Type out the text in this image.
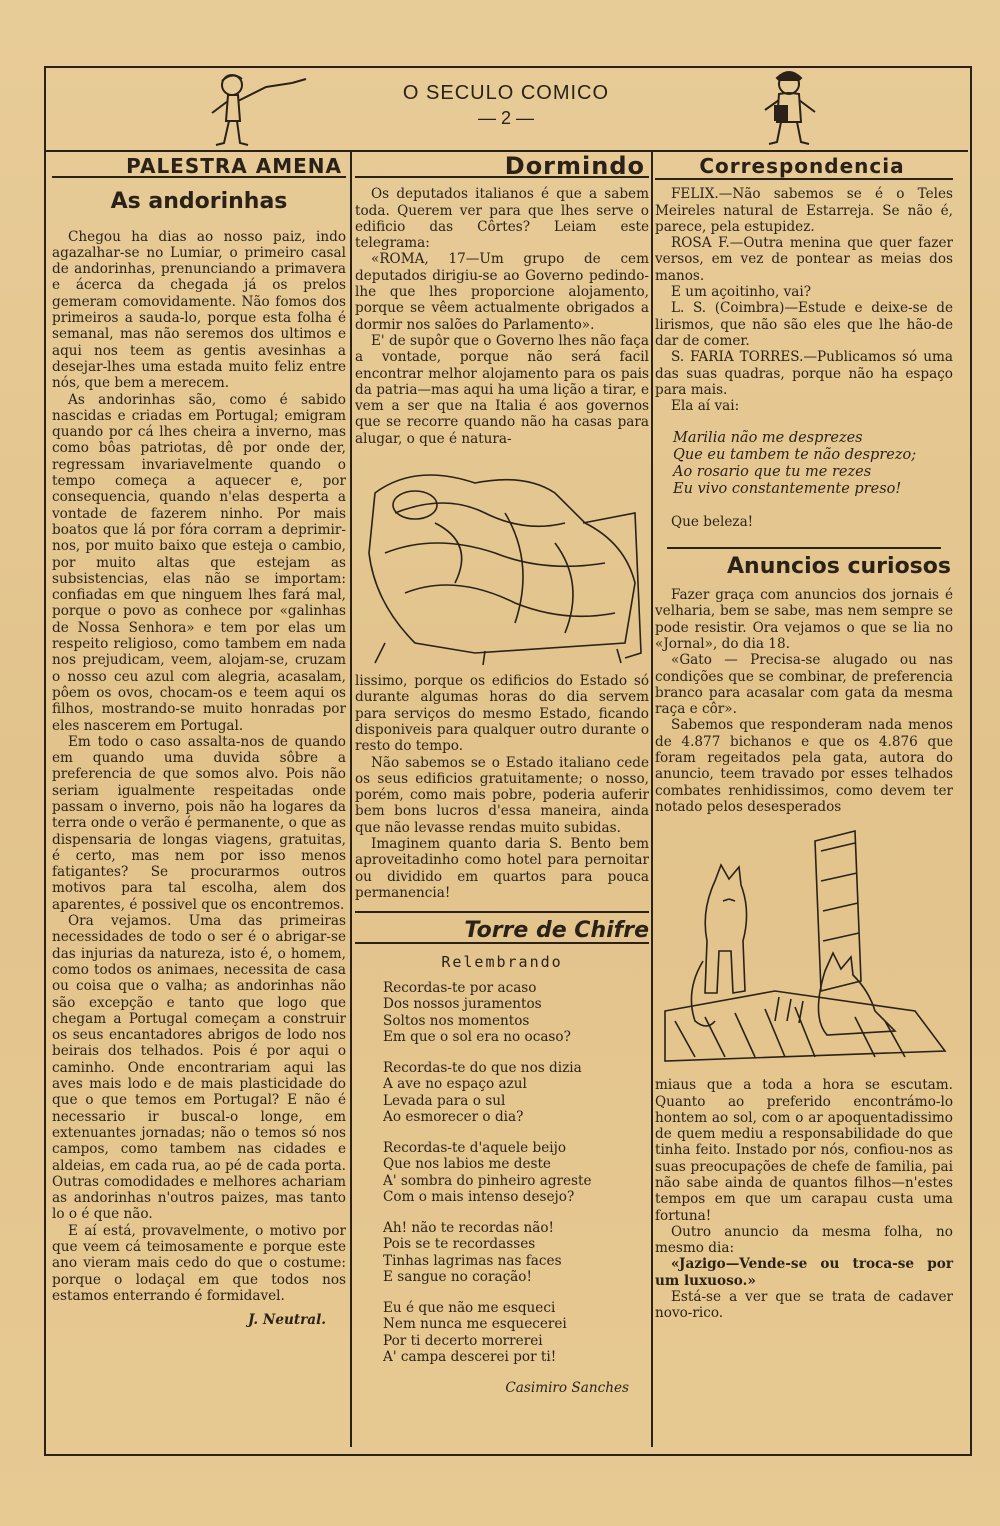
O SECULO COMICO
— 2 —
PALESTRA AMENA
As andorinhas

Chegou ha dias ao nosso paiz, indo agazalhar-se no Lumiar, o primeiro casal de andorinhas, prenunciando a primavera e ácerca da chegada já os prelos gemeram comovidamente. Não fomos dos primeiros a sauda-lo, porque esta folha é semanal, mas não seremos dos ultimos e aqui nos teem as gentis avesinhas a desejar-lhes uma estada muito feliz entre nós, que bem a merecem.

As andorinhas são, como é sabido nascidas e criadas em Portugal; emigram quando por cá lhes cheira a inverno, mas como bôas patriotas, dê por onde der, regressam invariavelmente quando o tempo começa a aquecer e, por consequencia, quando n'elas desperta a vontade de fazerem ninho. Por mais boatos que lá por fóra corram a deprimir-nos, por muito baixo que esteja o cambio, por muito altas que estejam as subsistencias, elas não se importam: confiadas em que ninguem lhes fará mal, porque o povo as conhece por «galinhas de Nossa Senhora» e tem por elas um respeito religioso, como tambem em nada nos prejudicam, veem, alojam-se, cruzam o nosso ceu azul com alegria, acasalam, pôem os ovos, chocam-os e teem aqui os filhos, mostrando-se muito honradas por eles nascerem em Portugal.

Em todo o caso assalta-nos de quando em quando uma duvida sôbre a preferencia de que somos alvo. Pois não seriam igualmente respeitadas onde passam o inverno, pois não ha logares da terra onde o verão é permanente, o que as dispensaria de longas viagens, gratuitas, é certo, mas nem por isso menos fatigantes? Se procurarmos outros motivos para tal escolha, alem dos aparentes, é possivel que os encontremos.

Ora vejamos. Uma das primeiras necessidades de todo o ser é o abrigar-se das injurias da natureza, isto é, o homem, como todos os animaes, necessita de casa ou coisa que o valha; as andorinhas não são excepção e tanto que logo que chegam a Portugal começam a construir os seus encantadores abrigos de lodo nos beirais dos telhados. Pois é por aqui o caminho. Onde encontrariam aqui las aves mais lodo e de mais plasticidade do que o que temos em Portugal? E não é necessario ir buscal-o longe, em extenuantes jornadas; não o temos só nos campos, como tambem nas cidades e aldeias, em cada rua, ao pé de cada porta. Outras comodidades e melhores achariam as andorinhas n'outros paizes, mas tanto lo o é que não.

E aí está, provavelmente, o motivo por que veem cá teimosamente e porque este ano vieram mais cedo do que o costume: porque o lodaçal em que todos nos estamos enterrando é formidavel.

J. Neutral.
Dormindo

Os deputados italianos é que a sabem toda. Querem ver para que lhes serve o edificio das Côrtes? Leiam este telegrama:

«ROMA, 17—Um grupo de cem deputados dirigiu-se ao Governo pedindo-lhe que lhes proporcione alojamento, porque se vêem actualmente obrigados a dormir nos salões do Parlamento».

E' de supôr que o Governo lhes não faça a vontade, porque não será facil encontrar melhor alojamento para os pais da patria—mas aqui ha uma lição a tirar, e vem a ser que na Italia é aos governos que se recorre quando não ha casas para alugar, o que é natura-

lissimo, porque os edificios do Estado só durante algumas horas do dia servem para serviços do mesmo Estado, ficando disponiveis para qualquer outro durante o resto do tempo.

Não sabemos se o Estado italiano cede os seus edificios gratuitamente; o nosso, porém, como mais pobre, poderia auferir bem bons lucros d'essa maneira, ainda que não levasse rendas muito subidas.

Imaginem quanto daria S. Bento bem aproveitadinho como hotel para pernoitar ou dividido em quartos para pouca permanencia!

Torre de Chifre
Relembrando
Recordas-te por acaso
Dos nossos juramentos
Soltos nos momentos
Em que o sol era no ocaso?
Recordas-te do que nos dizia
A ave no espaço azul
Levada para o sul
Ao esmorecer o dia?
Recordas-te d'aquele beijo
Que nos labios me deste
A' sombra do pinheiro agreste
Com o mais intenso desejo?
Ah! não te recordas não!
Pois se te recordasses
Tinhas lagrimas nas faces
E sangue no coração!
Eu é que não me esqueci
Nem nunca me esquecerei
Por ti decerto morrerei
A' campa descerei por ti!
Casimiro Sanches
Correspondencia

FELIX.—Não sabemos se é o Teles Meireles natural de Estarreja. Se não é, parece, pela estupidez.

ROSA F.—Outra menina que quer fazer versos, em vez de pontear as meias dos manos.

E um açoitinho, vai?

L. S. (Coimbra)—Estude e deixe-se de lirismos, que não são eles que lhe hão-de dar de comer.

S. FARIA TORRES.—Publicamos só uma das suas quadras, porque não ha espaço para mais.

Ela aí vai:

Marilia não me desprezes
Que eu tambem te não desprezo;
Ao rosario que tu me rezes
Eu vivo constantemente preso!

Que beleza!

Anuncios curiosos

Fazer graça com anuncios dos jornais é velharia, bem se sabe, mas nem sempre se pode resistir. Ora vejamos o que se lia no «Jornal», do dia 18.

«Gato — Precisa-se alugado ou nas condições que se combinar, de preferencia branco para acasalar com gata da mesma raça e côr».

Sabemos que responderam nada menos de 4.877 bichanos e que os 4.876 que foram regeitados pela gata, autora do anuncio, teem travado por esses telhados combates renhidissimos, como devem ter notado pelos desesperados

miaus que a toda a hora se escutam. Quanto ao preferido encontrámo-lo hontem ao sol, com o ar apoquentadissimo de quem mediu a responsabilidade do que tinha feito. Instado por nós, confiou-nos as suas preocupações de chefe de familia, pai não sabe ainda de quantos filhos—n'estes tempos em que um carapau custa uma fortuna!

Outro anuncio da mesma folha, no mesmo dia:

«Jazigo—Vende-se ou troca-se por um luxuoso.»

Está-se a ver que se trata de cadaver novo-rico.
